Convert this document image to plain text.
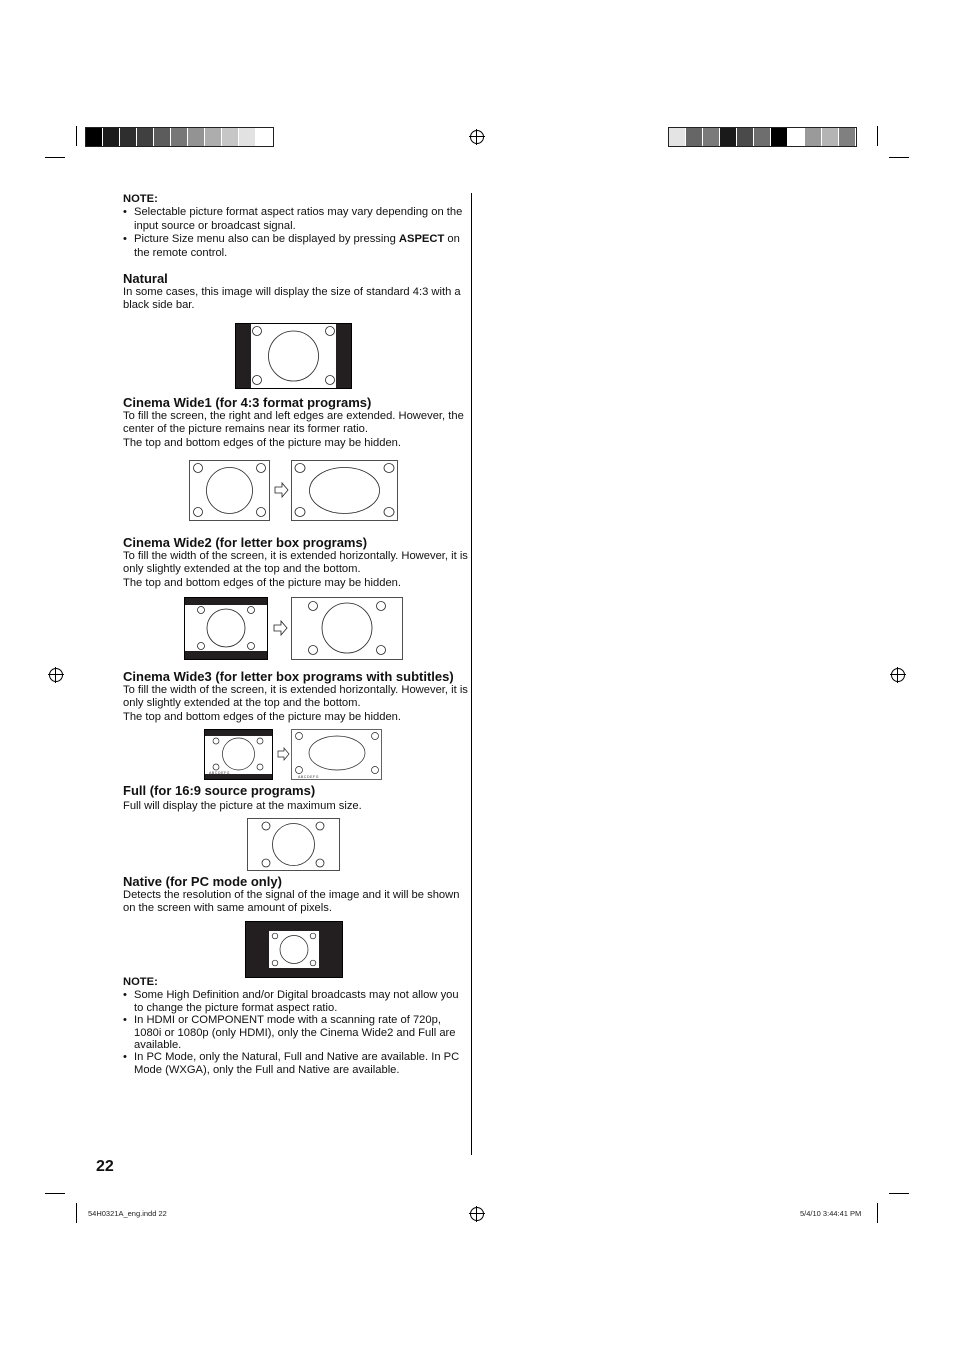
NOTE:

• Selectable picture format aspect ratios may vary depending on the input source or broadcast signal.
• Picture Size menu also can be displayed by pressing ASPECT on the remote control.

Natural

In some cases, this image will display the size of standard 4:3 with a black side bar.

Cinema Wide1 (for 4:3 format programs)

To fill the screen, the right and left edges are extended. However, the center of the picture remains near its former ratio.

The top and bottom edges of the picture may be hidden.

Cinema Wide2 (for letter box programs)

To fill the width of the screen, it is extended horizontally. However, it is only slightly extended at the top and the bottom.

The top and bottom edges of the picture may be hidden.

Cinema Wide3 (for letter box programs with subtitles)

To fill the width of the screen, it is extended horizontally. However, it is only slightly extended at the top and the bottom.

The top and bottom edges of the picture may be hidden.

ABCDEFG
ABCDEFG

Full (for 16:9 source programs)

Full will display the picture at the maximum size.

Native (for PC mode only)

Detects the resolution of the signal of the image and it will be shown on the screen with same amount of pixels.

NOTE:

• Some High Definition and/or Digital broadcasts may not allow you to change the picture format aspect ratio.
• In HDMI or COMPONENT mode with a scanning rate of 720p, 1080i or 1080p (only HDMI), only the Cinema Wide2 and Full are available.
• In PC Mode, only the Natural, Full and Native are available. In PC Mode (WXGA), only the Full and Native are available.
22
54H0321A_eng.indd 22	5/4/10 3:44:41 PM
